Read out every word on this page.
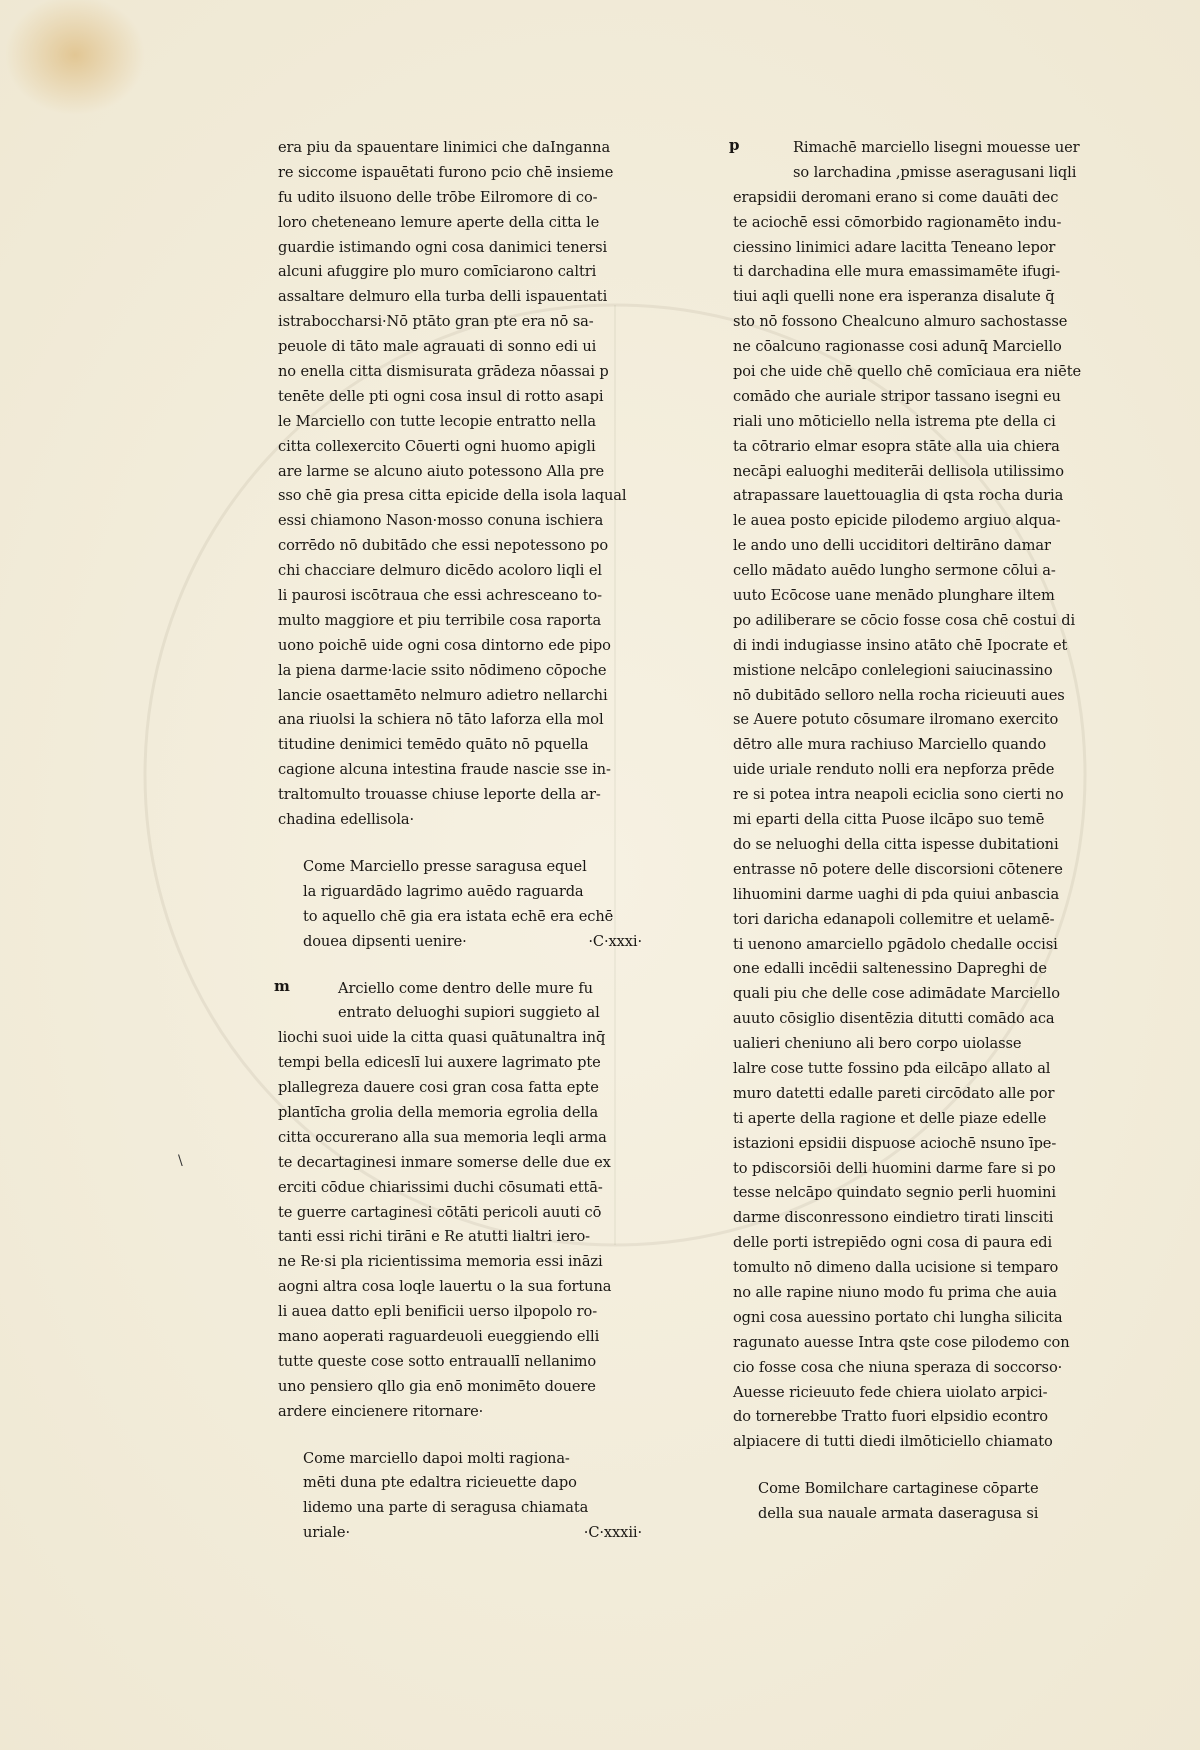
era piu da spauentare linimici che daInganna
re siccome ispauētati furono pcio chē insieme
fu udito ilsuono delle trōbe Eilromore di co-
loro cheteneano lemure aperte della citta le
guardie istimando ogni cosa danimici tenersi
alcuni afuggire plo muro comīciarono caltri
assaltare delmuro ella turba delli ispauentati
istraboccharsi·Nō ptāto gran pte era nō sa-
peuole di tāto male agrauati di sonno edi ui
no enella citta dismisurata grādeza nōassai p
tenēte delle pti ogni cosa insul di rotto asapi
le Marciello con tutte lecopie entratto nella
citta collexercito Cōuerti ogni huomo apigli
are larme se alcuno aiuto potessono Alla pre
sso chē gia presa citta epicide della isola laqual
essi chiamono Nason·mosso conuna ischiera
corrēdo nō dubitādo che essi nepotessono po
chi chacciare delmuro dicēdo acoloro liqli el
li paurosi iscōtraua che essi achresceano to-
multo maggiore et piu terribile cosa raporta
uono poichē uide ogni cosa dintorno ede pipo
la piena darme·lacie ssito nōdimeno cōpoche
lancie osaettamēto nelmuro adietro nellarchi
ana riuolsi la schiera nō tāto laforza ella mol
titudine denimici temēdo quāto nō pquella
cagione alcuna intestina fraude nascie sse in-
traltomulto trouasse chiuse leporte della ar-
chadina edellisola·
Come Marciello presse saragusa equel
la riguardādo lagrimo auēdo raguarda
to aquello chē gia era istata echē era echē
douea dipsenti uenire·	·C·xxxi·
m	Arciello come dentro delle mure fu
entrato deluoghi supiori suggieto al
liochi suoi uide la citta quasi quātunaltra inq̄
tempi bella ediceslī lui auxere lagrimato pte
plallegreza dauere cosi gran cosa fatta epte
plantīcha grolia della memoria egrolia della
citta occurerano alla sua memoria leqli arma
te decartaginesi inmare somerse delle due ex
erciti cōdue chiarissimi duchi cōsumati ettā-
te guerre cartaginesi cōtāti pericoli auuti cō
tanti essi richi tirāni e Re atutti lialtri iero-
ne Re·si pla ricientissima memoria essi ināzi
aogni altra cosa loqle lauertu o la sua fortuna
li auea datto epli benificii uerso ilpopolo ro-
mano aoperati raguardeuoli eueggiendo elli
tutte queste cose sotto entrauallī nellanimo
uno pensiero qllo gia enō monimēto douere
ardere eincienere ritornare·
Come marciello dapoi molti ragiona-
mēti duna pte edaltra ricieuette dapo
lidemo una parte di seragusa chiamata
uriale·	·C·xxxii·
p	Rimachē marciello lisegni mouesse uer
so larchadina ,pmisse aseragusani liqli
erapsidii deromani erano si come dauāti dec
te aciochē essi cōmorbido ragionamēto indu-
ciessino linimici adare lacitta Teneano lepor
ti darchadina elle mura emassimamēte ifugi-
tiui aqli quelli none era isperanza disalute q̄
sto nō fossono Chealcuno almuro sachostasse
ne cōalcuno ragionasse cosi adunq̄ Marciello
poi che uide chē quello chē comīciaua era niēte
comādo che auriale stripor tassano isegni eu
riali uno mōticiello nella istrema pte della ci
ta cōtrario elmar esopra stāte alla uia chiera
necāpi ealuoghi mediterāi dellisola utilissimo
atrapassare lauettouaglia di qsta rocha duria
le auea posto epicide pilodemo argiuo alqua-
le ando uno delli ucciditori deltirāno damar
cello mādato auēdo lungho sermone cōlui a-
uuto Ecōcose uane menādo plunghare iltem
po adiliberare se cōcio fosse cosa chē costui di
di indi indugiasse insino atāto chē Ipocrate et
mistione nelcāpo conlelegioni saiucinassino
nō dubitādo selloro nella rocha ricieuuti aues
se Auere potuto cōsumare ilromano exercito
dētro alle mura rachiuso Marciello quando
uide uriale renduto nolli era nepforza prēde
re si potea intra neapoli eciclia sono cierti no
mi eparti della citta Puose ilcāpo suo temē
do se neluoghi della citta ispesse dubitationi
entrasse nō potere delle discorsioni cōtenere
lihuomini darme uaghi di pda quiui anbascia
tori daricha edanapoli collemitre et uelamē-
ti uenono amarciello pgādolo chedalle occisi
one edalli incēdii saltenessino Dapreghi de
quali piu che delle cose adimādate Marciello
auuto cōsiglio disentēzia ditutti comādo aca
ualieri cheniuno ali bero corpo uiolasse
lalre cose tutte fossino pda eilcāpo allato al
muro datetti edalle pareti circōdato alle por
ti aperte della ragione et delle piaze edelle
istazioni epsidii dispuose aciochē nsuno īpe-
to pdiscorsiōi delli huomini darme fare si po
tesse nelcāpo quindato segnio perli huomini
darme disconressono eindietro tirati linsciti
delle porti istrepiēdo ogni cosa di paura edi
tomulto nō dimeno dalla ucisione si temparo
no alle rapine niuno modo fu prima che auia
ogni cosa auessino portato chi lungha silicita
ragunato auesse Intra qste cose pilodemo con
cio fosse cosa che niuna speraza di soccorso·
Auesse ricieuuto fede chiera uiolato arpici-
do tornerebbe Tratto fuori elpsidio econtro
alpiacere di tutti diedi ilmōticiello chiamato
Come Bomilchare cartaginese cōparte
della sua nauale armata daseragusa si
\
